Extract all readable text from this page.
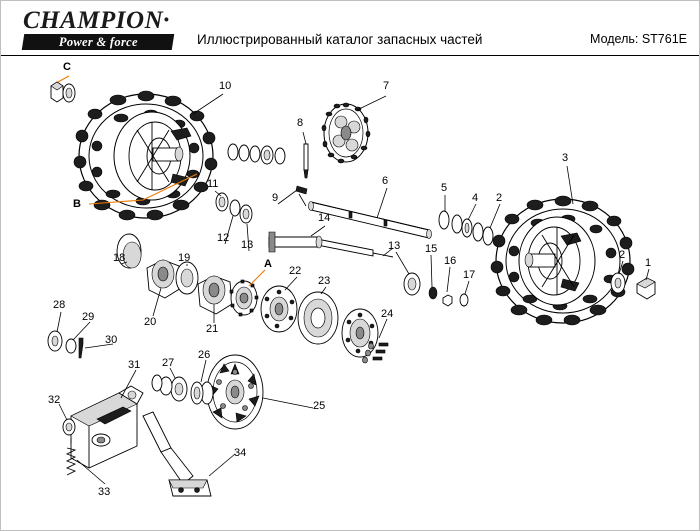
CHAMPION·
Power & force	Иллюстрированный каталог запасных частей	Модель: ST761E
C
B
A
10	7
8
3
11	6
9
5
4 2
14
12
13
19
13 15	2
1
18	16
17
22
23
20
21
24
28
29
30
31 27
26
25
32
33
34
